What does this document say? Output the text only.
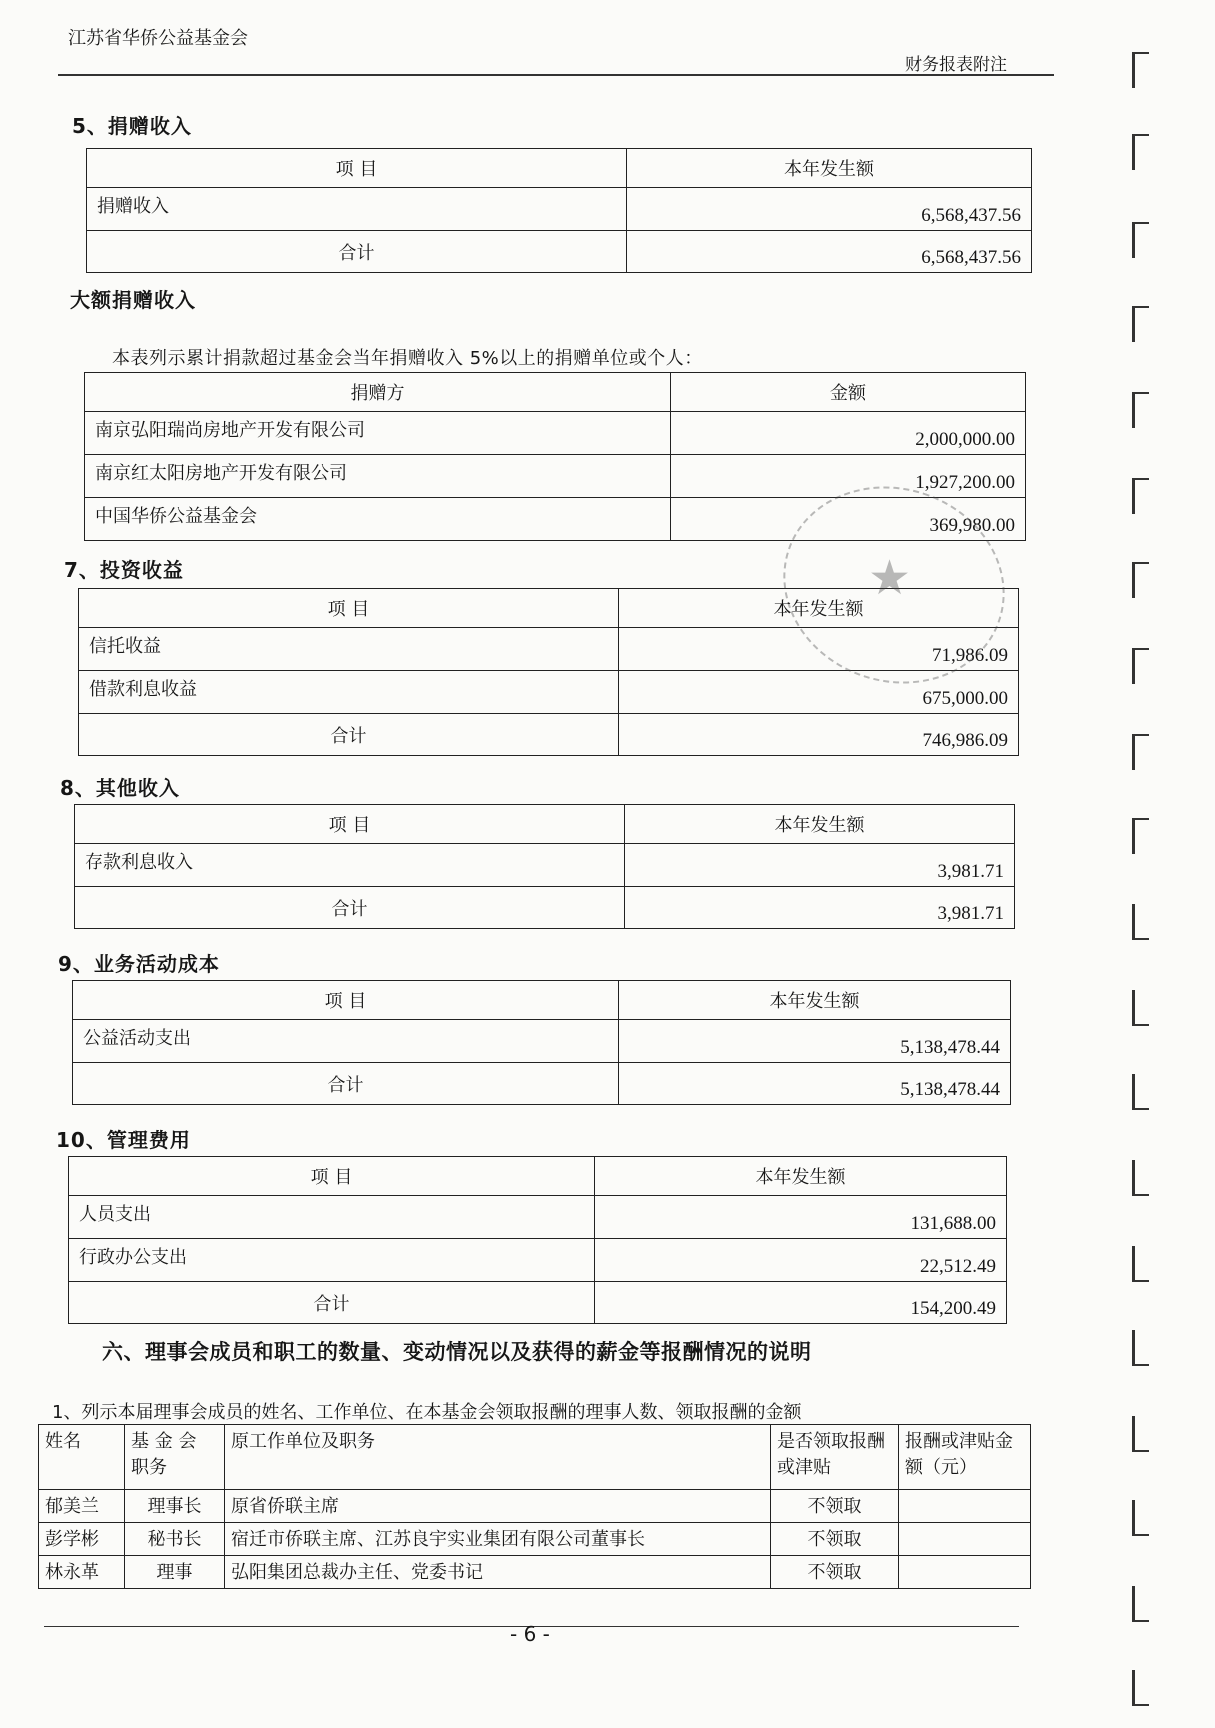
江苏省华侨公益基金会
财务报表附注
5、捐赠收入
项 目	本年发生额
捐赠收入	6,568,437.56
合计	6,568,437.56
大额捐赠收入
本表列示累计捐款超过基金会当年捐赠收入 5%以上的捐赠单位或个人：
捐赠方	金额
南京弘阳瑞尚房地产开发有限公司	2,000,000.00
南京红太阳房地产开发有限公司	1,927,200.00
中国华侨公益基金会	369,980.00
7、投资收益
项 目	本年发生额
信托收益	71,986.09
借款利息收益	675,000.00
合计	746,986.09
★
8、其他收入
项 目	本年发生额
存款利息收入	3,981.71
合计	3,981.71
9、业务活动成本
项 目	本年发生额
公益活动支出	5,138,478.44
合计	5,138,478.44
10、管理费用
项 目	本年发生额
人员支出	131,688.00
行政办公支出	22,512.49
合计	154,200.49
六、理事会成员和职工的数量、变动情况以及获得的薪金等报酬情况的说明
1、列示本届理事会成员的姓名、工作单位、在本基金会领取报酬的理事人数、领取报酬的金额
姓名	基 金 会 职务	原工作单位及职务	是否领取报酬或津贴	报酬或津贴金额（元）
郁美兰	理事长	原省侨联主席	不领取	
彭学彬	秘书长	宿迁市侨联主席、江苏良宇实业集团有限公司董事长	不领取	
林永革	理事	弘阳集团总裁办主任、党委书记	不领取	
- 6 -
